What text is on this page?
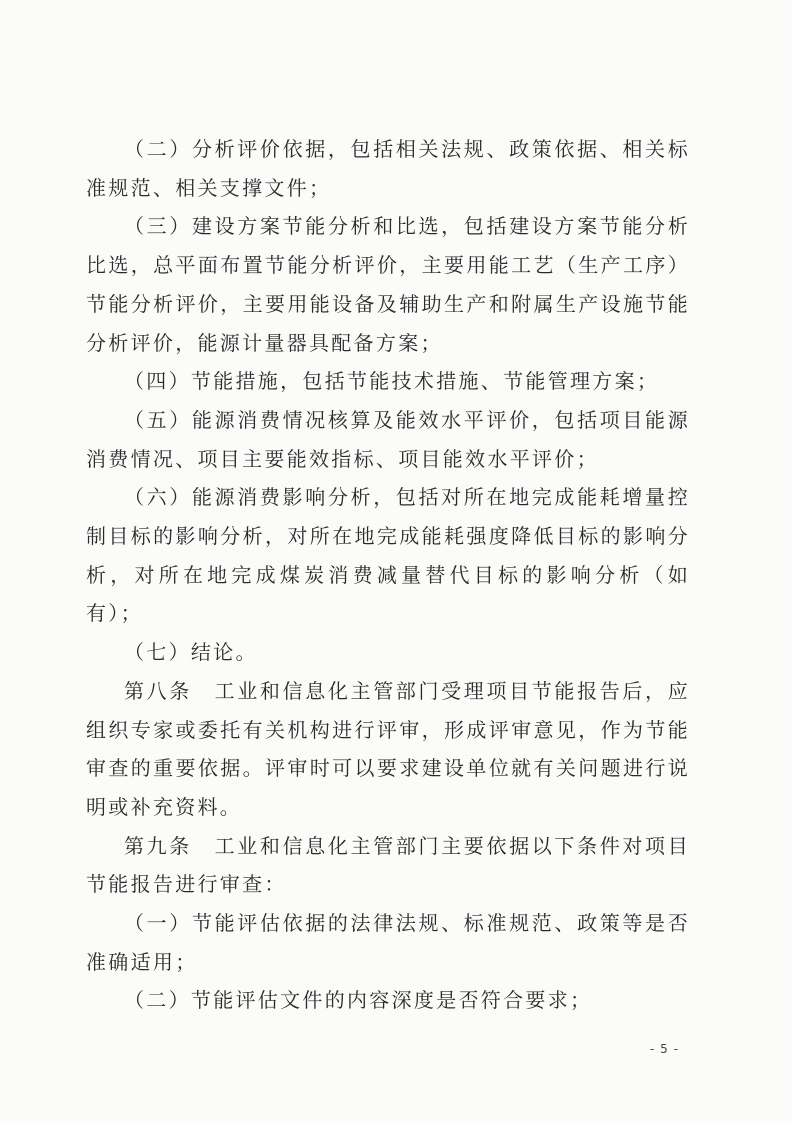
（二）分析评价依据，包括相关法规、政策依据、相关标准规范、相关支撑文件；

（三）建设方案节能分析和比选，包括建设方案节能分析比选，总平面布置节能分析评价，主要用能工艺（生产工序）节能分析评价，主要用能设备及辅助生产和附属生产设施节能分析评价，能源计量器具配备方案；

（四）节能措施，包括节能技术措施、节能管理方案；

（五）能源消费情况核算及能效水平评价，包括项目能源消费情况、项目主要能效指标、项目能效水平评价；

（六）能源消费影响分析，包括对所在地完成能耗增量控制目标的影响分析，对所在地完成能耗强度降低目标的影响分析，对所在地完成煤炭消费减量替代目标的影响分析（如有）；

（七）结论。

第八条　工业和信息化主管部门受理项目节能报告后，应组织专家或委托有关机构进行评审，形成评审意见，作为节能审查的重要依据。评审时可以要求建设单位就有关问题进行说明或补充资料。

第九条　工业和信息化主管部门主要依据以下条件对项目节能报告进行审查：

（一）节能评估依据的法律法规、标准规范、政策等是否准确适用；

（二）节能评估文件的内容深度是否符合要求；

- 5 -
